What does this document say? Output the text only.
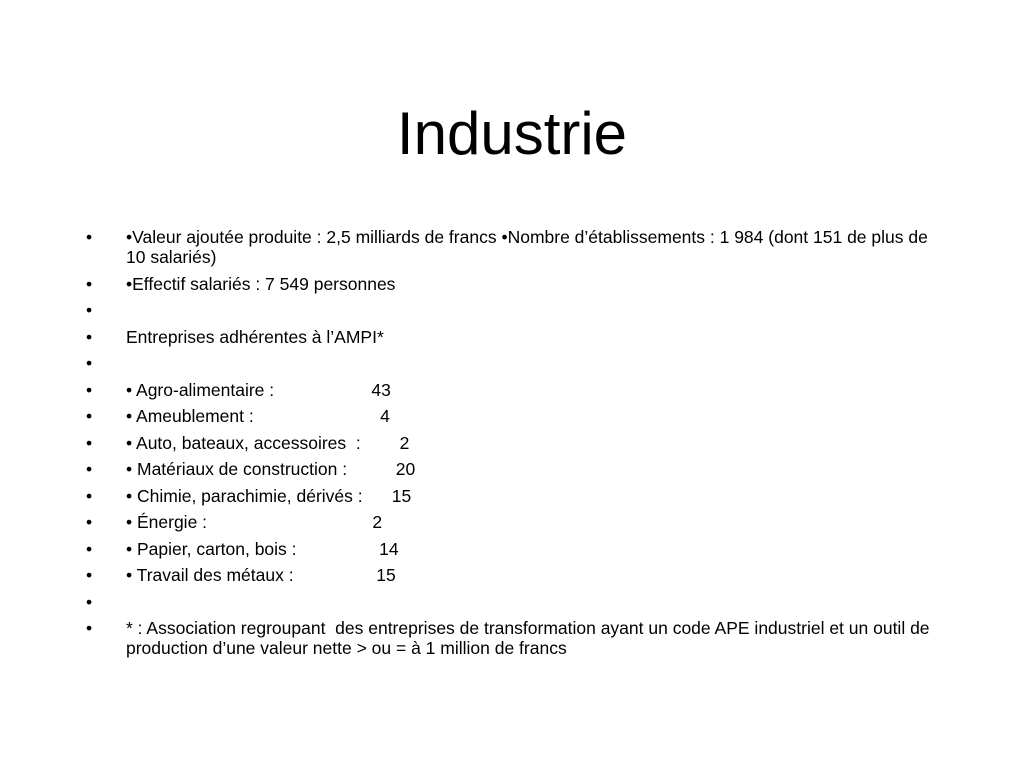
Industrie
•	•Valeur ajoutée produite : 2,5 milliards de francs •Nombre d’établissements : 1 984 (dont 151 de plus de 10 salariés)
•	•Effectif salariés : 7 549 personnes
•
•	Entreprises adhérentes à l’AMPI*
•
•	• Agro-alimentaire :                    43
•	• Ameublement :                          4
•	• Auto, bateaux, accessoires  :        2
•	• Matériaux de construction :          20
•	• Chimie, parachimie, dérivés :      15
•	• Énergie :                                  2
•	• Papier, carton, bois :                 14
•	• Travail des métaux :                 15
•
•	* : Association regroupant  des entreprises de transformation ayant un code APE industriel et un outil de production d’une valeur nette > ou = à 1 million de francs
